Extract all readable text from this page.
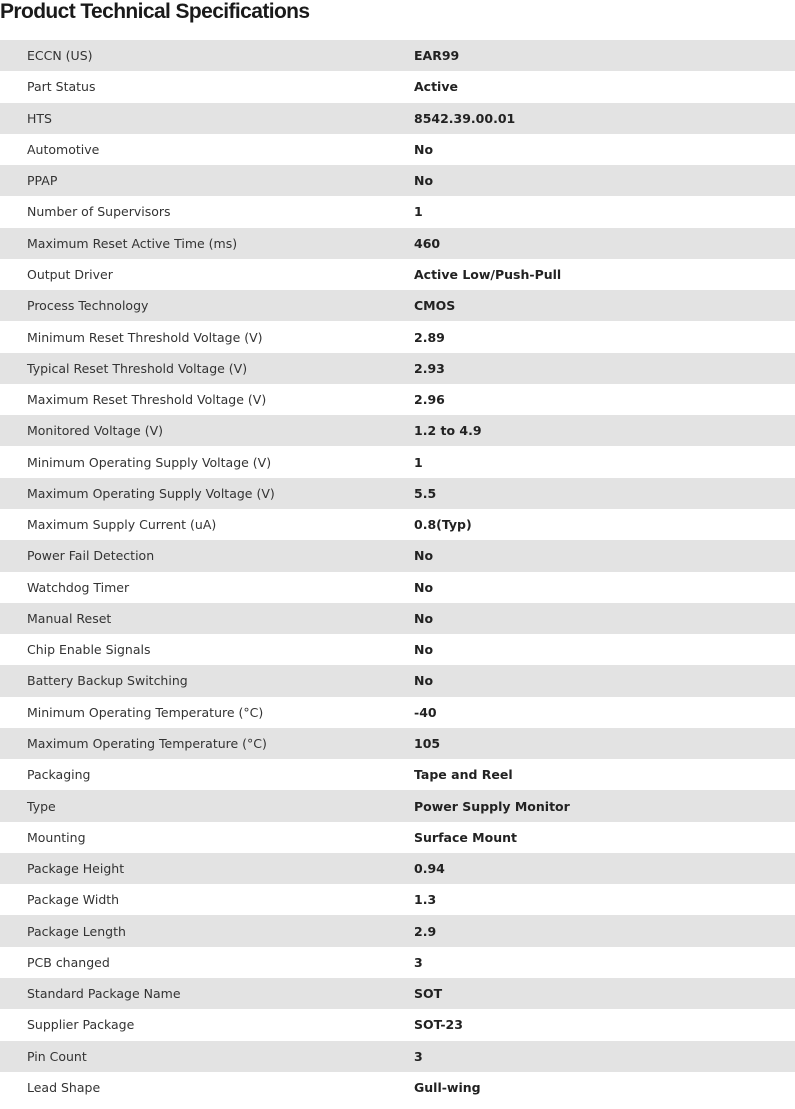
Product Technical Specifications
ECCN (US)	EAR99
Part Status	Active
HTS	8542.39.00.01
Automotive	No
PPAP	No
Number of Supervisors	1
Maximum Reset Active Time (ms)	460
Output Driver	Active Low/Push-Pull
Process Technology	CMOS
Minimum Reset Threshold Voltage (V)	2.89
Typical Reset Threshold Voltage (V)	2.93
Maximum Reset Threshold Voltage (V)	2.96
Monitored Voltage (V)	1.2 to 4.9
Minimum Operating Supply Voltage (V)	1
Maximum Operating Supply Voltage (V)	5.5
Maximum Supply Current (uA)	0.8(Typ)
Power Fail Detection	No
Watchdog Timer	No
Manual Reset	No
Chip Enable Signals	No
Battery Backup Switching	No
Minimum Operating Temperature (°C)	-40
Maximum Operating Temperature (°C)	105
Packaging	Tape and Reel
Type	Power Supply Monitor
Mounting	Surface Mount
Package Height	0.94
Package Width	1.3
Package Length	2.9
PCB changed	3
Standard Package Name	SOT
Supplier Package	SOT-23
Pin Count	3
Lead Shape	Gull-wing
